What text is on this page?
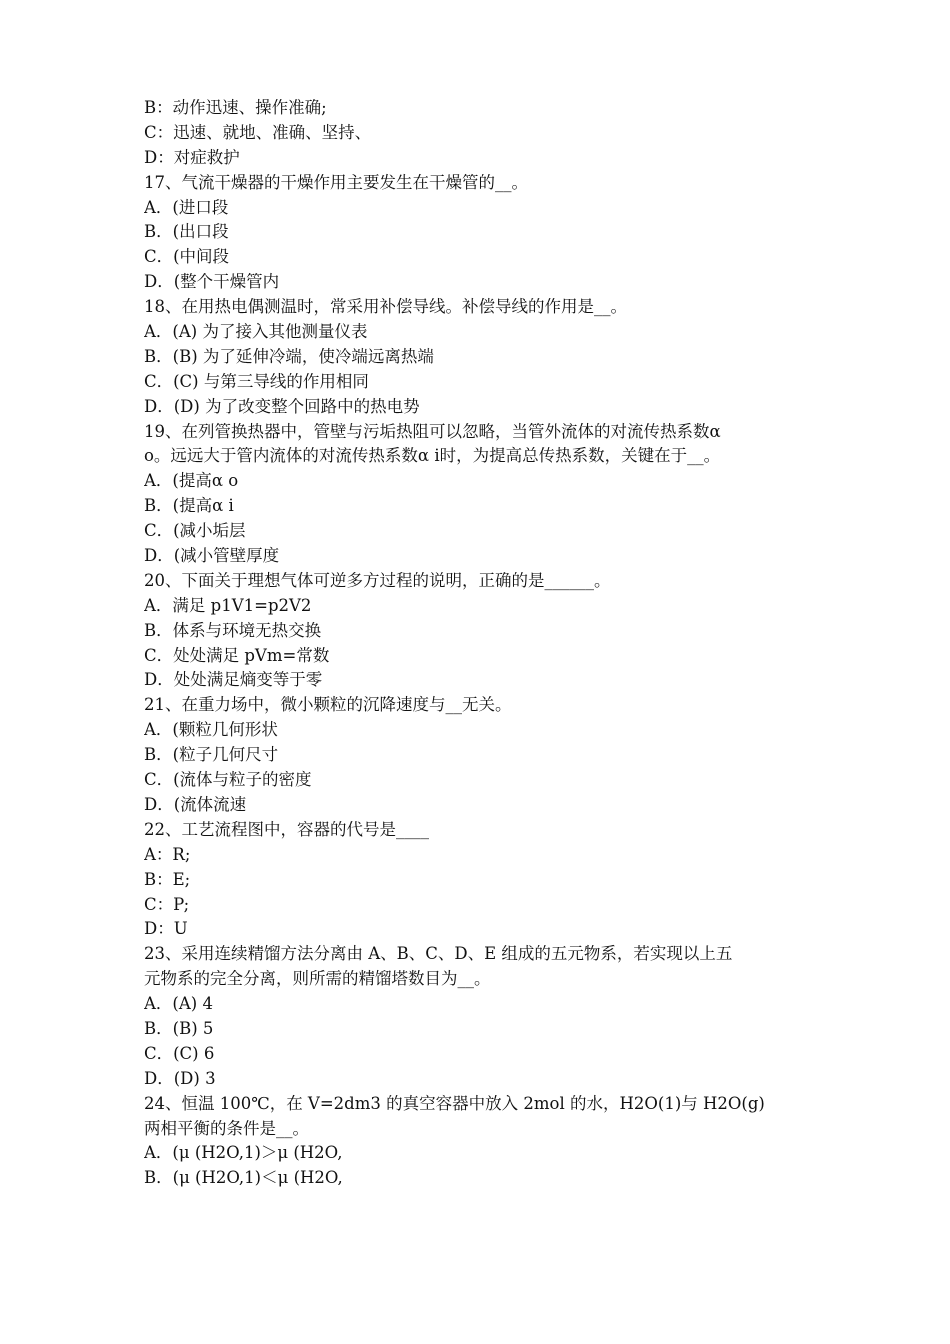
B：动作迅速、操作准确;
C：迅速、就地、准确、坚持、
D：对症救护
17、气流干燥器的干燥作用主要发生在干燥管的__。
A．(进口段
B．(出口段
C．(中间段
D．(整个干燥管内
18、在用热电偶测温时，常采用补偿导线。补偿导线的作用是__。
A．(A) 为了接入其他测量仪表
B．(B) 为了延伸冷端，使冷端远离热端
C．(C) 与第三导线的作用相同
D．(D) 为了改变整个回路中的热电势
19、在列管换热器中，管壁与污垢热阻可以忽略，当管外流体的对流传热系数α
o。远远大于管内流体的对流传热系数α i时，为提高总传热系数，关键在于__。
A．(提高α o
B．(提高α i
C．(减小垢层
D．(减小管壁厚度
20、下面关于理想气体可逆多方过程的说明，正确的是______。
A．满足 p1V1=p2V2
B．体系与环境无热交换
C．处处满足 pVm=常数
D．处处满足熵变等于零
21、在重力场中，微小颗粒的沉降速度与__无关。
A．(颗粒几何形状
B．(粒子几何尺寸
C．(流体与粒子的密度
D．(流体流速
22、工艺流程图中，容器的代号是____
A：R;
B：E;
C：P;
D：U
23、采用连续精馏方法分离由 A、B、C、D、E 组成的五元物系，若实现以上五
元物系的完全分离，则所需的精馏塔数目为__。
A．(A) 4
B．(B) 5
C．(C) 6
D．(D) 3
24、恒温 100℃，在 V=2dm3 的真空容器中放入 2mol 的水，H2O(1)与 H2O(g)
两相平衡的条件是__。
A．(μ (H2O,1)＞μ (H2O,
B．(μ (H2O,1)＜μ (H2O,
